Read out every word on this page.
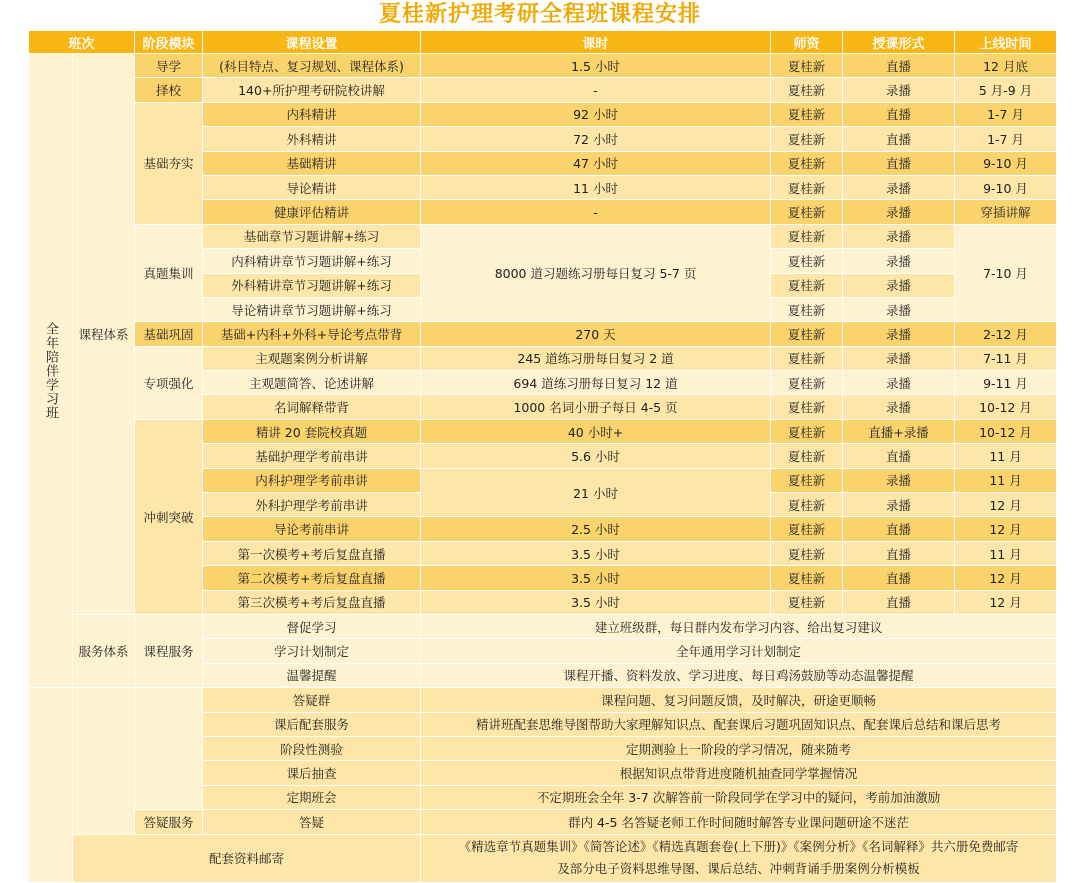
夏桂新护理考研全程班课程安排
班次		阶段模块	课程设置	课时	师资	授课形式	上线时间
全年陪伴学习班	课程体系	导学	(科目特点、复习规划、课程体系)	1.5 小时	夏桂新	直播	12 月底
		择校	140+所护理考研院校讲解	-	夏桂新	录播	5 月-9 月
		基础夯实	内科精讲	92 小时	夏桂新	直播	1-7 月
			外科精讲	72 小时	夏桂新	直播	1-7 月
			基础精讲	47 小时	夏桂新	直播	9-10 月
			导论精讲	11 小时	夏桂新	录播	9-10 月
			健康评估精讲	-	夏桂新	录播	穿插讲解
		真题集训	基础章节习题讲解+练习	8000 道习题练习册每日复习 5-7 页	夏桂新	录播	7-10 月
			内科精讲章节习题讲解+练习		夏桂新	录播	
			外科精讲章节习题讲解+练习		夏桂新	录播	
			导论精讲章节习题讲解+练习		夏桂新	录播	
		基础巩固	基础+内科+外科+导论考点带背	270 天	夏桂新	录播	2-12 月
		专项强化	主观题案例分析讲解	245 道练习册每日复习 2 道	夏桂新	录播	7-11 月
			主观题简答、论述讲解	694 道练习册每日复习 12 道	夏桂新	录播	9-11 月
			名词解释带背	1000 名词小册子每日 4-5 页	夏桂新	录播	10-12 月
		冲刺突破	精讲 20 套院校真题	40 小时+	夏桂新	直播+录播	10-12 月
			基础护理学考前串讲	5.6 小时	夏桂新	直播	11 月
			内科护理学考前串讲	21 小时	夏桂新	录播	11 月
			外科护理学考前串讲		夏桂新	录播	12 月
			导论考前串讲	2.5 小时	夏桂新	直播	12 月
			第一次模考+考后复盘直播	3.5 小时	夏桂新	直播	11 月
			第二次模考+考后复盘直播	3.5 小时	夏桂新	直播	12 月
			第三次模考+考后复盘直播	3.5 小时	夏桂新	直播	12 月
	服务体系	课程服务	督促学习	建立班级群，每日群内发布学习内容、给出复习建议			
			学习计划制定	全年通用学习计划制定			
			温馨提醒	课程开播、资料发放、学习进度、每日鸡汤鼓励等动态温馨提醒			
			答疑群	课程问题、复习问题反馈，及时解决，研途更顺畅			
			课后配套服务	精讲班配套思维导图帮助大家理解知识点、配套课后习题巩固知识点、配套课后总结和课后思考			
			阶段性测验	定期测验上一阶段的学习情况，随来随考			
			课后抽查	根据知识点带背进度随机抽查同学掌握情况			
			定期班会	不定期班会全年 3-7 次解答前一阶段同学在学习中的疑问，考前加油激励			
		答疑服务	答疑	群内 4-5 名答疑老师工作时间随时解答专业课问题研途不迷茫			
	配套资料邮寄			《精选章节真题集训》《简答论述》《精选真题套卷(上下册)》《案例分析》《名词解释》共六册免费邮寄
及部分电子资料思维导图、课后总结、冲刺背诵手册案例分析模板			
